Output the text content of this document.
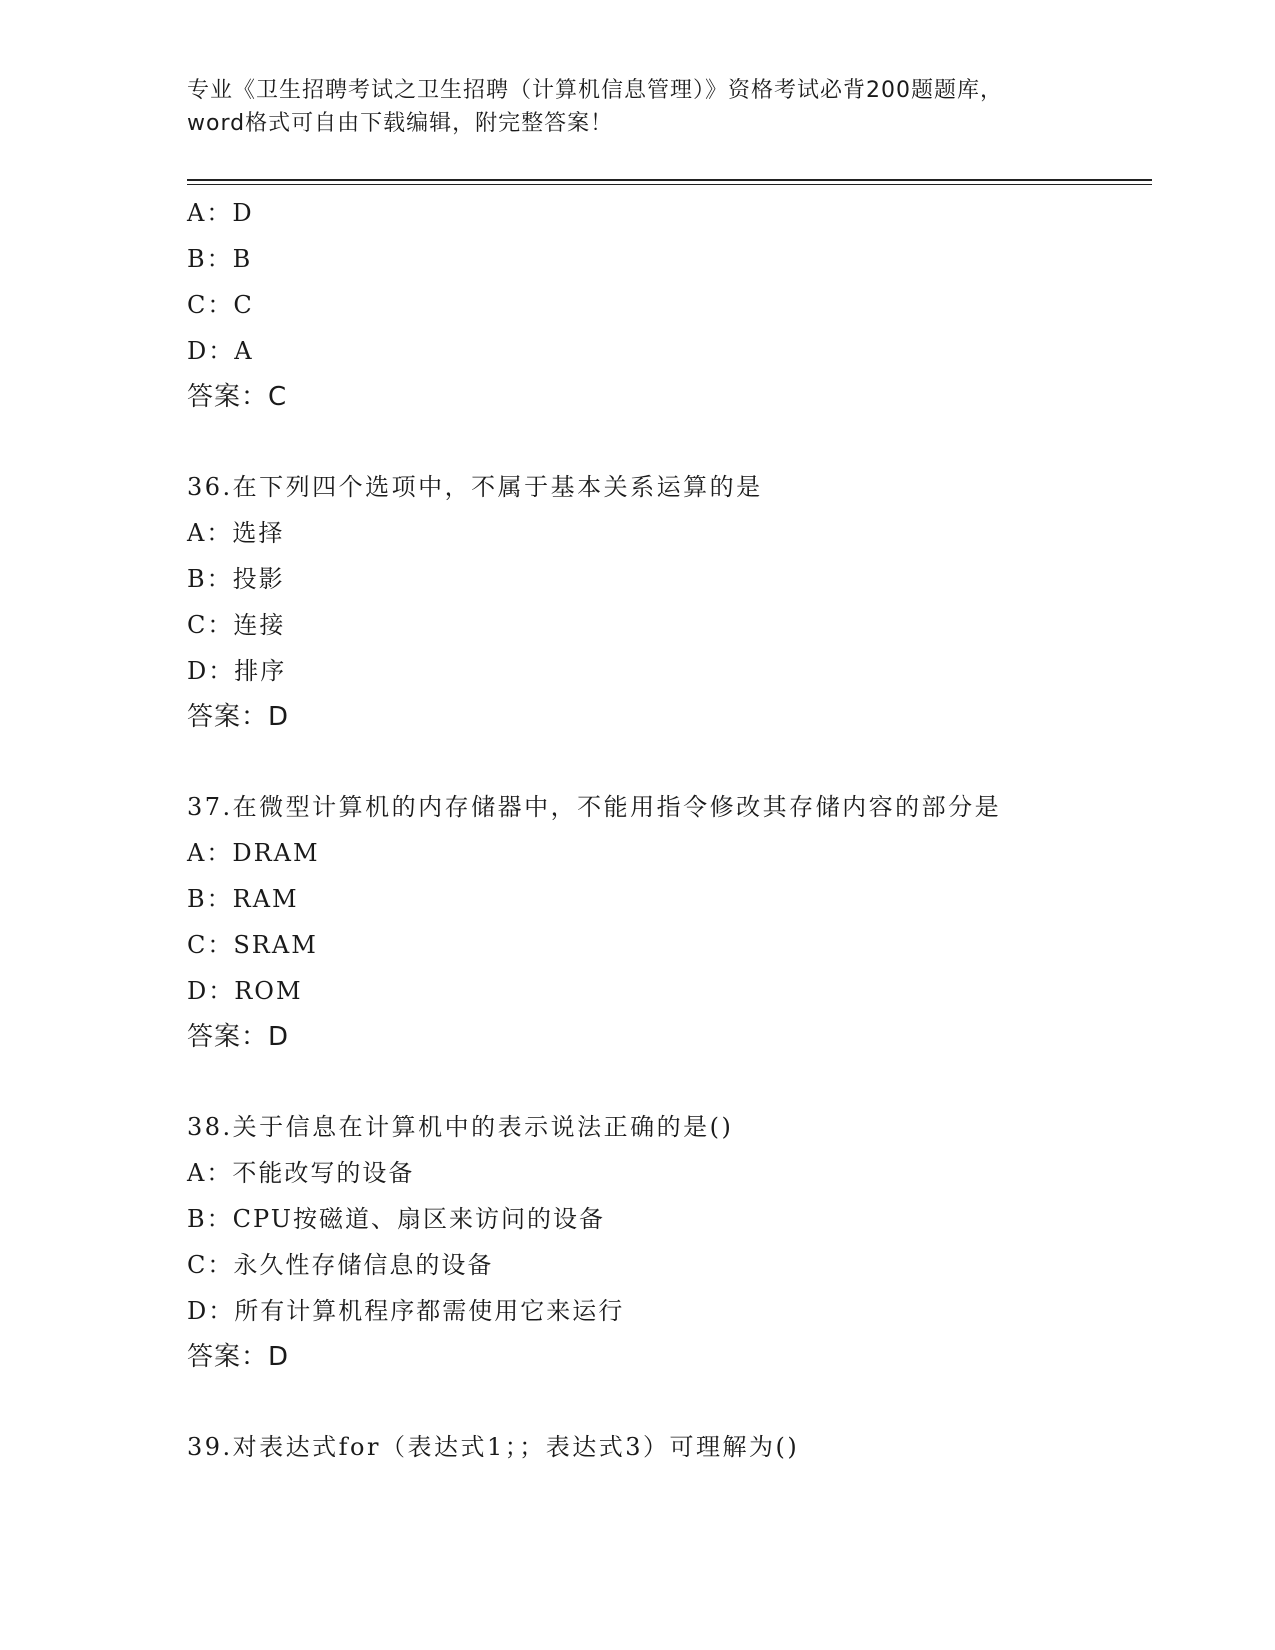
专业《卫生招聘考试之卫生招聘（计算机信息管理）》资格考试必背200题题库，
word格式可自由下载编辑，附完整答案！
A：D
B：B
C：C
D：A
答案：C
36.在下列四个选项中，不属于基本关系运算的是
A：选择
B：投影
C：连接
D：排序
答案：D
37.在微型计算机的内存储器中，不能用指令修改其存储内容的部分是
A：DRAM
B：RAM
C：SRAM
D：ROM
答案：D
38.关于信息在计算机中的表示说法正确的是()
A：不能改写的设备
B：CPU按磁道、扇区来访问的设备
C：永久性存储信息的设备
D：所有计算机程序都需使用它来运行
答案：D
39.对表达式for（表达式1；；表达式3）可理解为()
